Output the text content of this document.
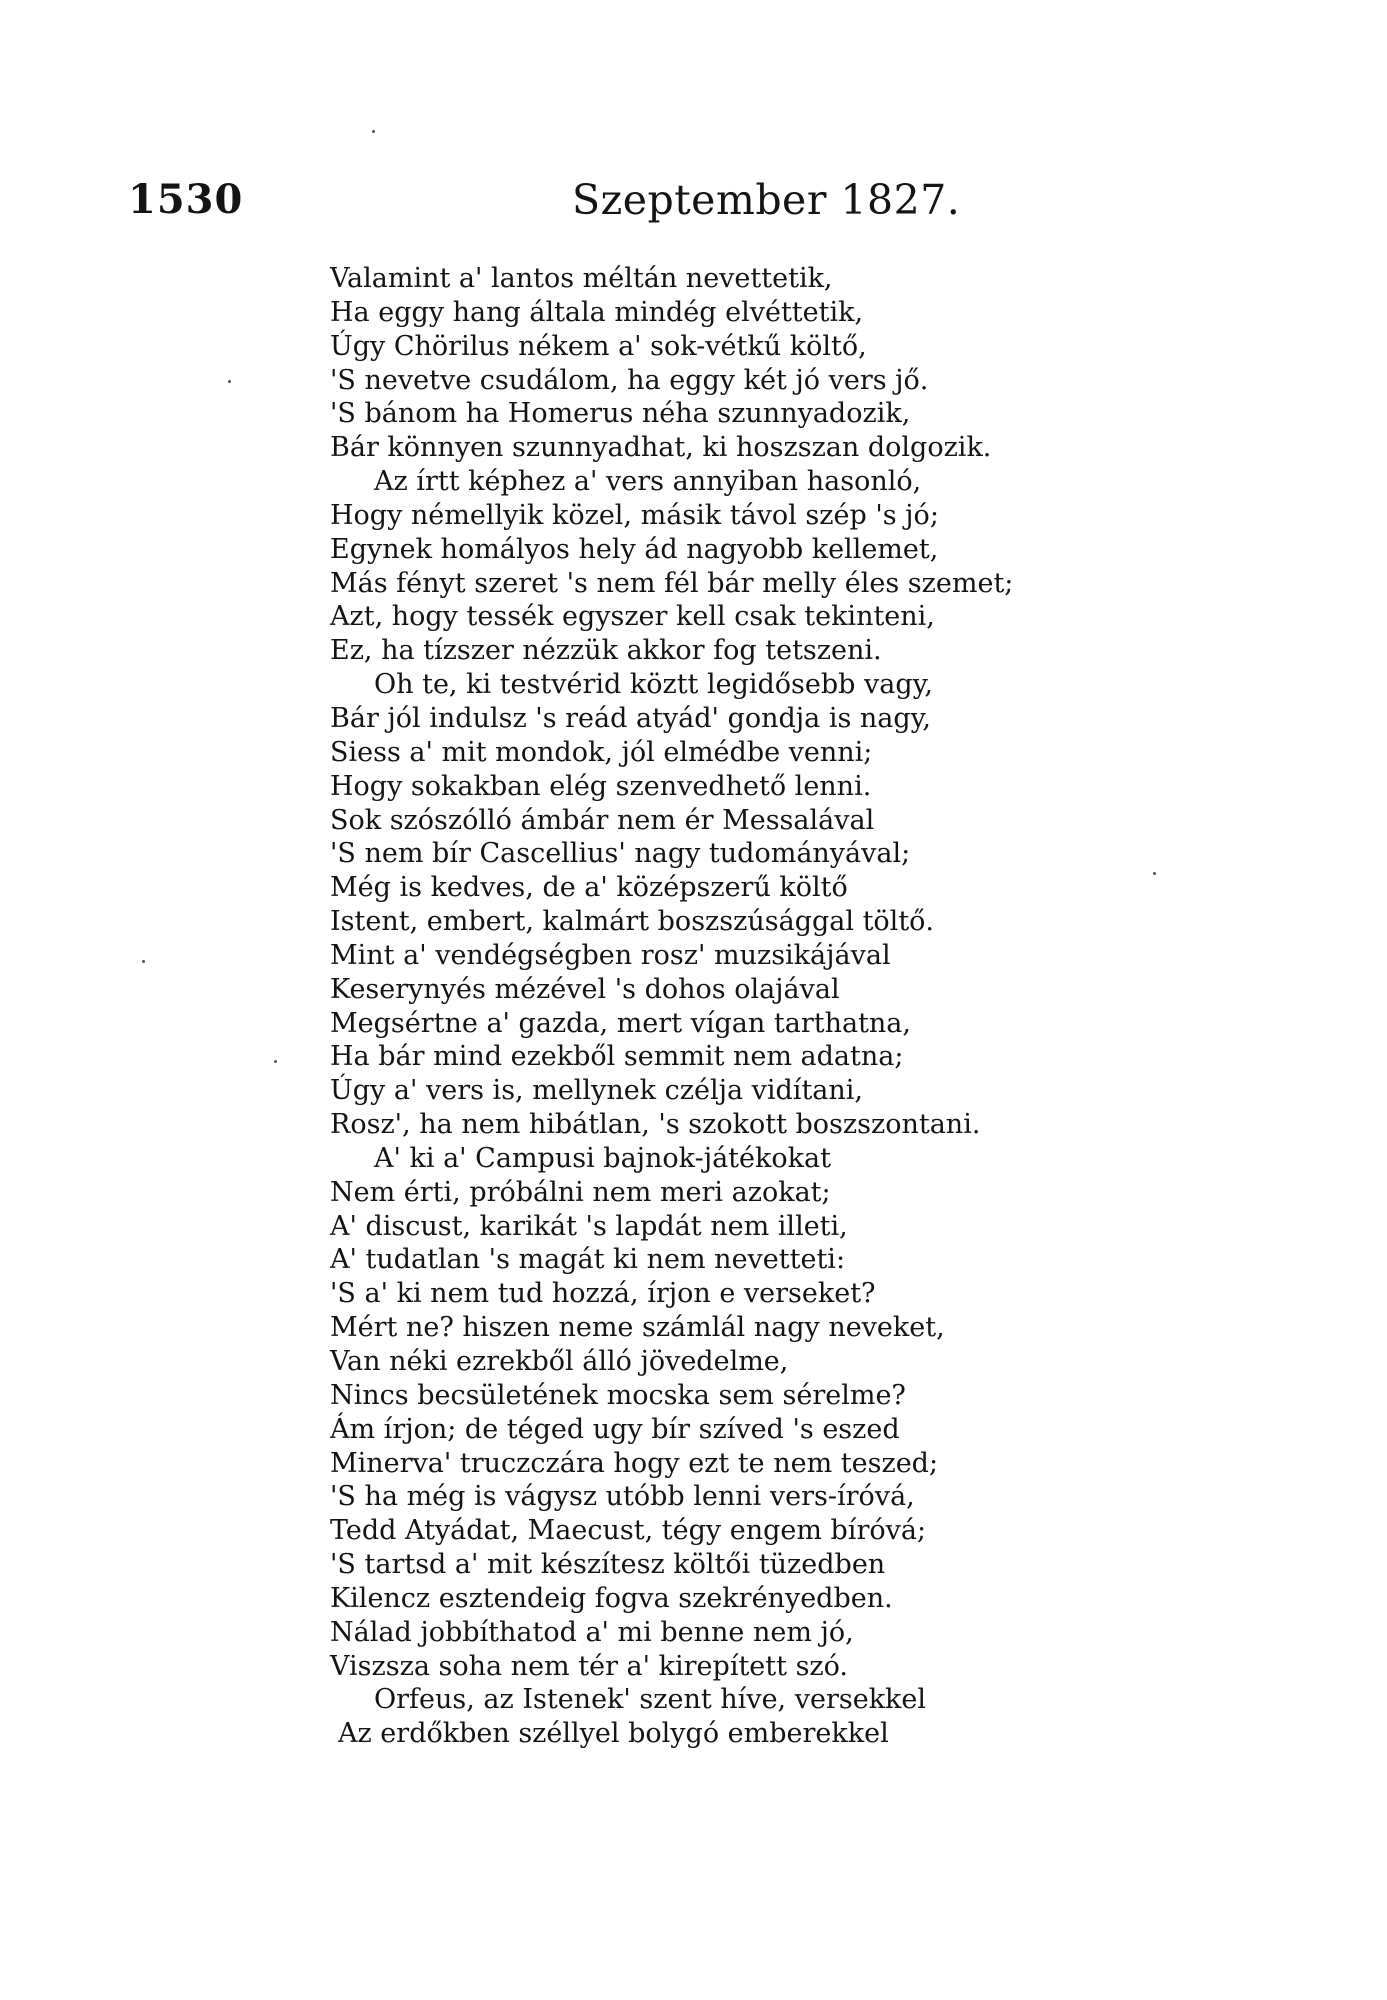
1530	Szeptember 1827.
Valamint a' lantos méltán nevettetik,
Ha eggy hang általa mindég elvéttetik,
Úgy Chörilus nékem a' sok-vétkű költő,
'S nevetve csudálom, ha eggy két jó vers jő.
'S bánom ha Homerus néha szunnyadozik,
Bár könnyen szunnyadhat, ki hoszszan dolgozik.
Az írtt képhez a' vers annyiban hasonló,
Hogy némellyik közel, másik távol szép 's jó;
Egynek homályos hely ád nagyobb kellemet,
Más fényt szeret 's nem fél bár melly éles szemet;
Azt, hogy tessék egyszer kell csak tekinteni,
Ez, ha tízszer nézzük akkor fog tetszeni.
Oh te, ki testvérid köztt legidősebb vagy,
Bár jól indulsz 's reád atyád' gondja is nagy,
Siess a' mit mondok, jól elmédbe venni;
Hogy sokakban elég szenvedhető lenni.
Sok szószólló ámbár nem ér Messalával
'S nem bír Cascellius' nagy tudományával;
Még is kedves, de a' középszerű költő
Istent, embert, kalmárt boszszúsággal töltő.
Mint a' vendégségben rosz' muzsikájával
Keserynyés mézével 's dohos olajával
Megsértne a' gazda, mert vígan tarthatna,
Ha bár mind ezekből semmit nem adatna;
Úgy a' vers is, mellynek czélja vidítani,
Rosz', ha nem hibátlan, 's szokott boszszontani.
A' ki a' Campusi bajnok-játékokat
Nem érti, próbálni nem meri azokat;
A' discust, karikát 's lapdát nem illeti,
A' tudatlan 's magát ki nem nevetteti:
'S a' ki nem tud hozzá, írjon e verseket?
Mért ne? hiszen neme számlál nagy neveket,
Van néki ezrekből álló jövedelme,
Nincs becsületének mocska sem sérelme?
Ám írjon; de téged ugy bír szíved 's eszed
Minerva' truczczára hogy ezt te nem teszed;
'S ha még is vágysz utóbb lenni vers-íróvá,
Tedd Atyádat, Maecust, tégy engem bíróvá;
'S tartsd a' mit készítesz költői tüzedben
Kilencz esztendeig fogva szekrényedben.
Nálad jobbíthatod a' mi benne nem jó,
Viszsza soha nem tér a' kirepített szó.
Orfeus, az Istenek' szent híve, versekkel
Az erdőkben széllyel bolygó emberekkel
